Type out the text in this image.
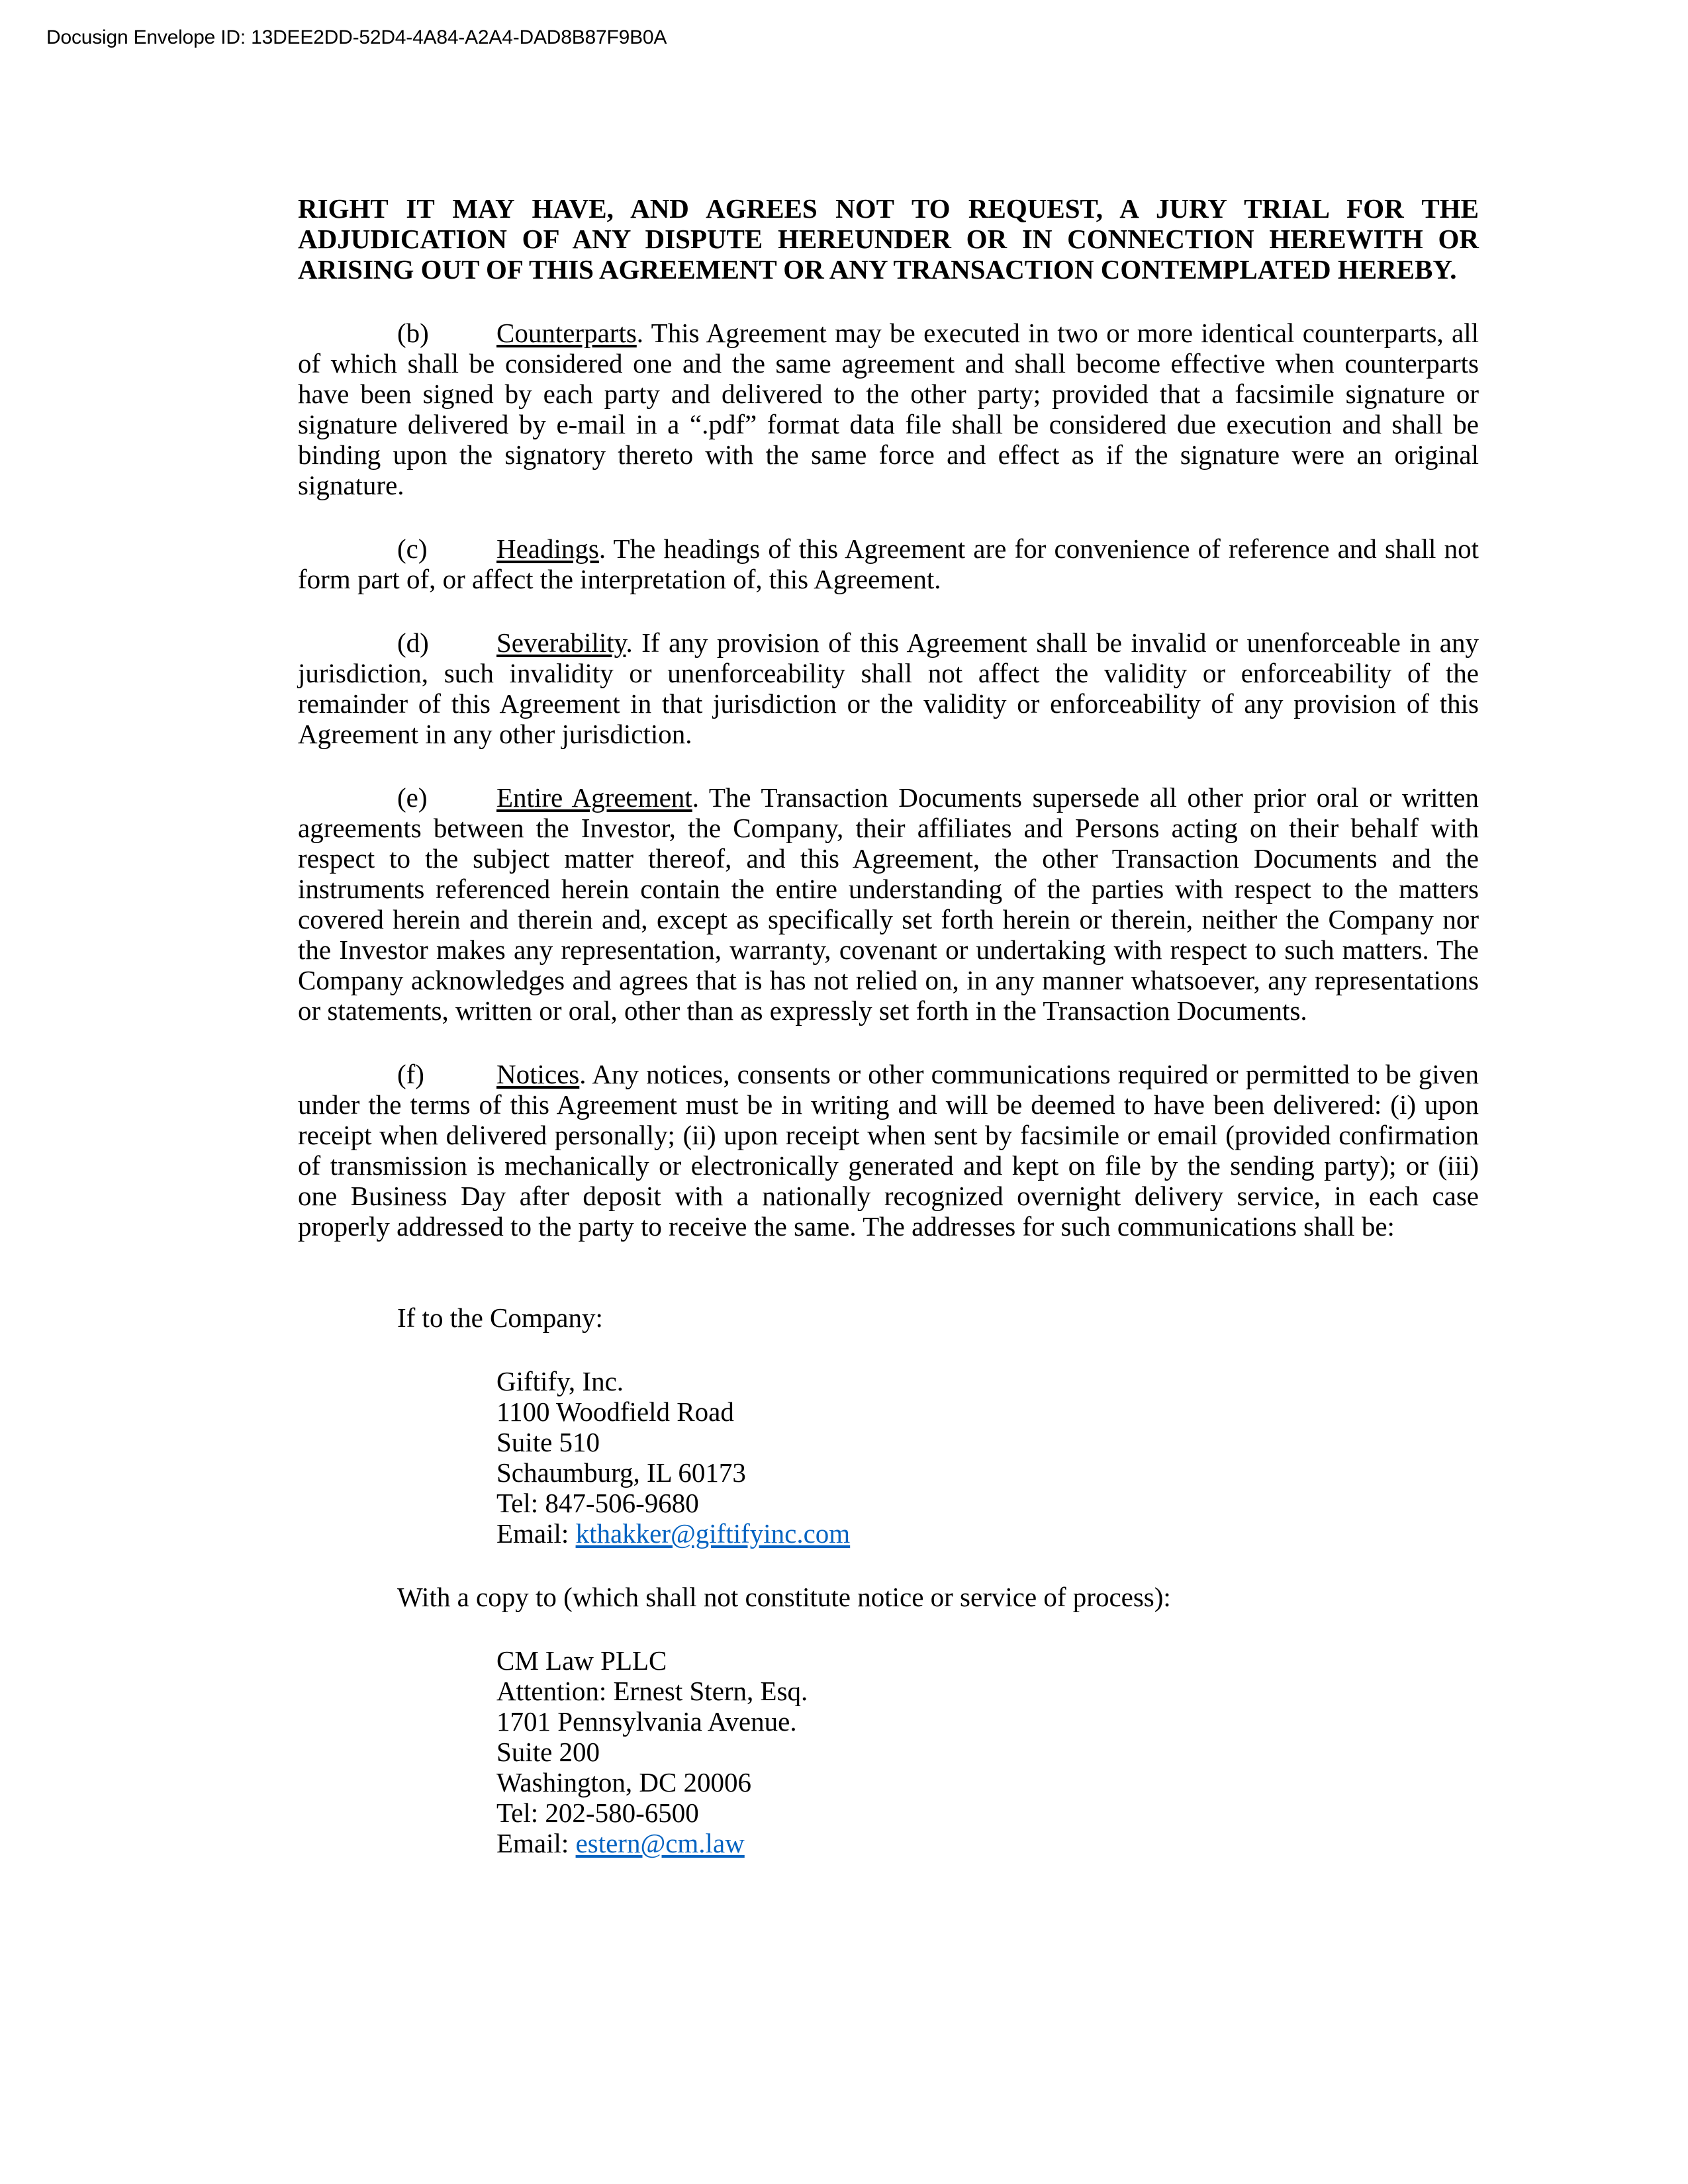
Docusign Envelope ID: 13DEE2DD-52D4-4A84-A2A4-DAD8B87F9B0A

RIGHT IT MAY HAVE, AND AGREES NOT TO REQUEST, A JURY TRIAL FOR THE ADJUDICATION OF ANY DISPUTE HEREUNDER OR IN CONNECTION HEREWITH OR ARISING OUT OF THIS AGREEMENT OR ANY TRANSACTION CONTEMPLATED HEREBY.

(b) Counterparts. This Agreement may be executed in two or more identical counterparts, all of which shall be considered one and the same agreement and shall become effective when counterparts have been signed by each party and delivered to the other party; provided that a facsimile signature or signature delivered by e-mail in a “.pdf” format data file shall be considered due execution and shall be binding upon the signatory thereto with the same force and effect as if the signature were an original signature.

(c)	Headings. The headings of this Agreement are for convenience of reference and shall not form part of, or affect the interpretation of, this Agreement.

(d) Severability. If any provision of this Agreement shall be invalid or unenforceable in any jurisdiction, such invalidity or unenforceability shall not affect the validity or enforceability of the remainder of this Agreement in that jurisdiction or the validity or enforceability of any provision of this Agreement in any other jurisdiction.

(e)	Entire Agreement. The Transaction Documents supersede all other prior oral or written agreements between the Investor, the Company, their affiliates and Persons acting on their behalf with respect to the subject matter thereof, and this Agreement, the other Transaction Documents and the instruments referenced herein contain the entire understanding of the parties with respect to the matters covered herein and therein and, except as specifically set forth herein or therein, neither the Company nor the Investor makes any representation, warranty, covenant or undertaking with respect to such matters. The Company acknowledges and agrees that is has not relied on, in any manner whatsoever, any representations or statements, written or oral, other than as expressly set forth in the Transaction Documents.

(f)	Notices. Any notices, consents or other communications required or permitted to be given under the terms of this Agreement must be in writing and will be deemed to have been delivered: (i) upon receipt when delivered personally; (ii) upon receipt when sent by facsimile or email (provided confirmation of transmission is mechanically or electronically generated and kept on file by the sending party); or (iii) one Business Day after deposit with a nationally recognized overnight delivery service, in each case properly addressed to the party to receive the same. The addresses for such communications shall be:

If to the Company:
Giftify, Inc.
1100 Woodfield Road
Suite 510
Schaumburg, IL 60173
Tel: 847-506-9680
Email: kthakker@giftifyinc.com
With a copy to (which shall not constitute notice or service of process):
CM Law PLLC
Attention: Ernest Stern, Esq.
1701 Pennsylvania Avenue.
Suite 200
Washington, DC 20006
Tel: 202-580-6500
Email: estern@cm.law
